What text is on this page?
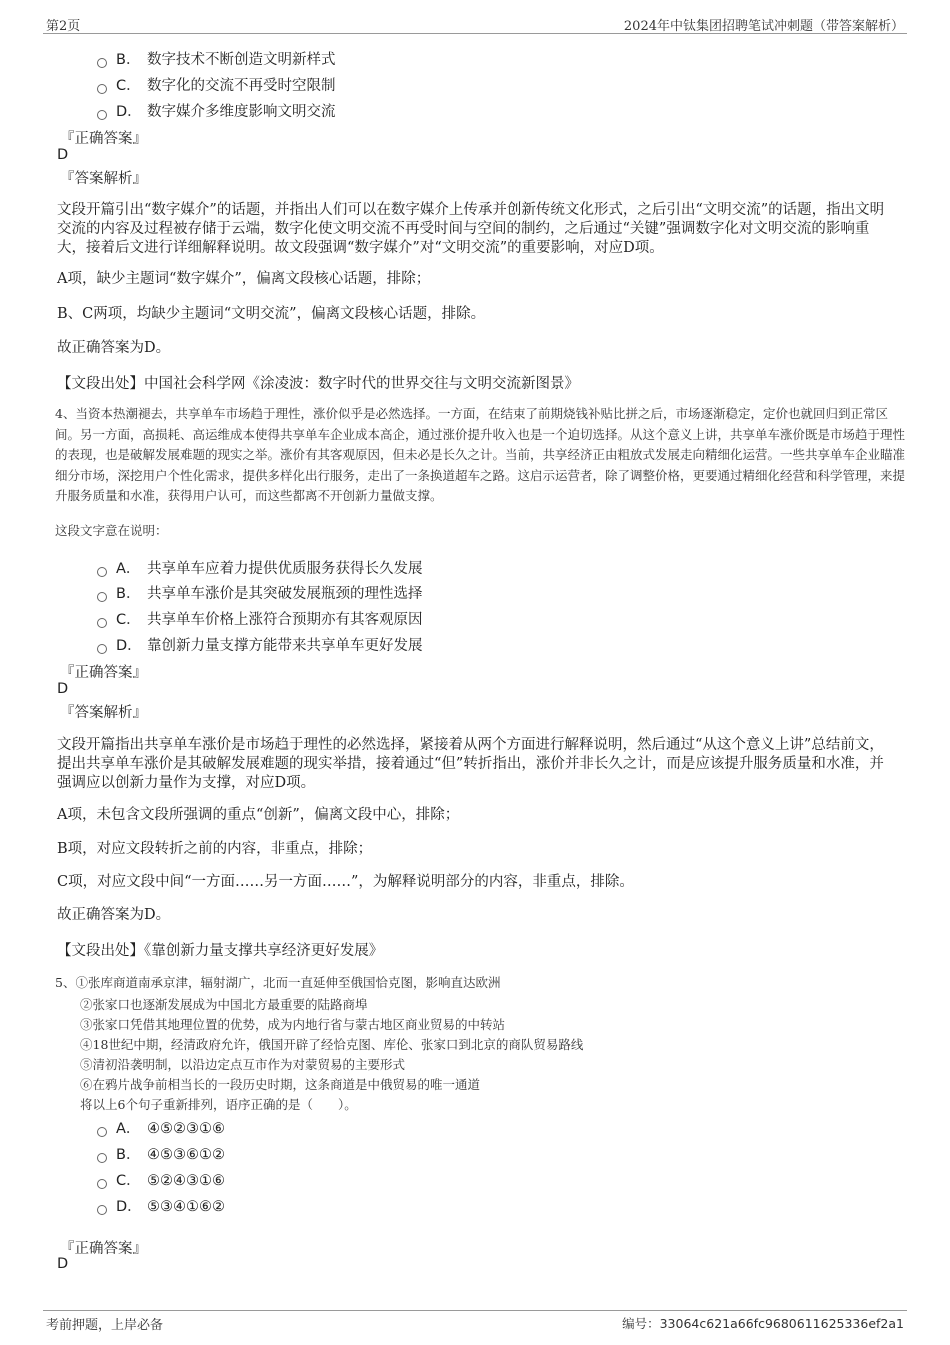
第2页	2024年中钛集团招聘笔试冲刺题（带答案解析）
B． 数字技术不断创造文明新样式
C． 数字化的交流不再受时空限制
D． 数字媒介多维度影响文明交流
『正确答案』
D
『答案解析』
文段开篇引出“数字媒介”的话题，并指出人们可以在数字媒介上传承并创新传统文化形式，之后引出“文明交流”的话题，指出文明交流的内容及过程被存储于云端，数字化使文明交流不再受时间与空间的制约，之后通过“关键”强调数字化对文明交流的影响重大，接着后文进行详细解释说明。故文段强调“数字媒介”对“文明交流”的重要影响，对应D项。
A项，缺少主题词“数字媒介”，偏离文段核心话题，排除；
B、C两项，均缺少主题词“文明交流”，偏离文段核心话题，排除。
故正确答案为D。
【文段出处】中国社会科学网《涂凌波：数字时代的世界交往与文明交流新图景》
4、当资本热潮褪去，共享单车市场趋于理性，涨价似乎是必然选择。一方面，在结束了前期烧钱补贴比拼之后，市场逐渐稳定，定价也就回归到正常区间。另一方面，高损耗、高运维成本使得共享单车企业成本高企，通过涨价提升收入也是一个迫切选择。从这个意义上讲，共享单车涨价既是市场趋于理性的表现，也是破解发展难题的现实之举。涨价有其客观原因，但未必是长久之计。当前，共享经济正由粗放式发展走向精细化运营。一些共享单车企业瞄准细分市场，深挖用户个性化需求，提供多样化出行服务，走出了一条换道超车之路。这启示运营者，除了调整价格，更要通过精细化经营和科学管理，来提升服务质量和水准，获得用户认可，而这些都离不开创新力量做支撑。
这段文字意在说明：
A． 共享单车应着力提供优质服务获得长久发展
B． 共享单车涨价是其突破发展瓶颈的理性选择
C． 共享单车价格上涨符合预期亦有其客观原因
D． 靠创新力量支撑方能带来共享单车更好发展
『正确答案』
D
『答案解析』
文段开篇指出共享单车涨价是市场趋于理性的必然选择，紧接着从两个方面进行解释说明，然后通过“从这个意义上讲”总结前文，提出共享单车涨价是其破解发展难题的现实举措，接着通过“但”转折指出，涨价并非长久之计，而是应该提升服务质量和水准，并强调应以创新力量作为支撑，对应D项。
A项，未包含文段所强调的重点“创新”，偏离文段中心，排除；
B项，对应文段转折之前的内容，非重点，排除；
C项，对应文段中间“一方面……另一方面……”，为解释说明部分的内容，非重点，排除。
故正确答案为D。
【文段出处】《靠创新力量支撑共享经济更好发展》
5、①张库商道南承京津，辐射湖广，北而一直延伸至俄国恰克图，影响直达欧洲
②张家口也逐渐发展成为中国北方最重要的陆路商埠
③张家口凭借其地理位置的优势，成为内地行省与蒙古地区商业贸易的中转站
④18世纪中期，经清政府允许，俄国开辟了经恰克图、库伦、张家口到北京的商队贸易路线
⑤清初沿袭明制，以沿边定点互市作为对蒙贸易的主要形式
⑥在鸦片战争前相当长的一段历史时期，这条商道是中俄贸易的唯一通道
将以上6个句子重新排列，语序正确的是（　　）。
A． ④⑤②③①⑥
B． ④⑤③⑥①②
C． ⑤②④③①⑥
D． ⑤③④①⑥②
『正确答案』
D
考前押题，上岸必备	编号：33064c621a66fc9680611625336ef2a1
